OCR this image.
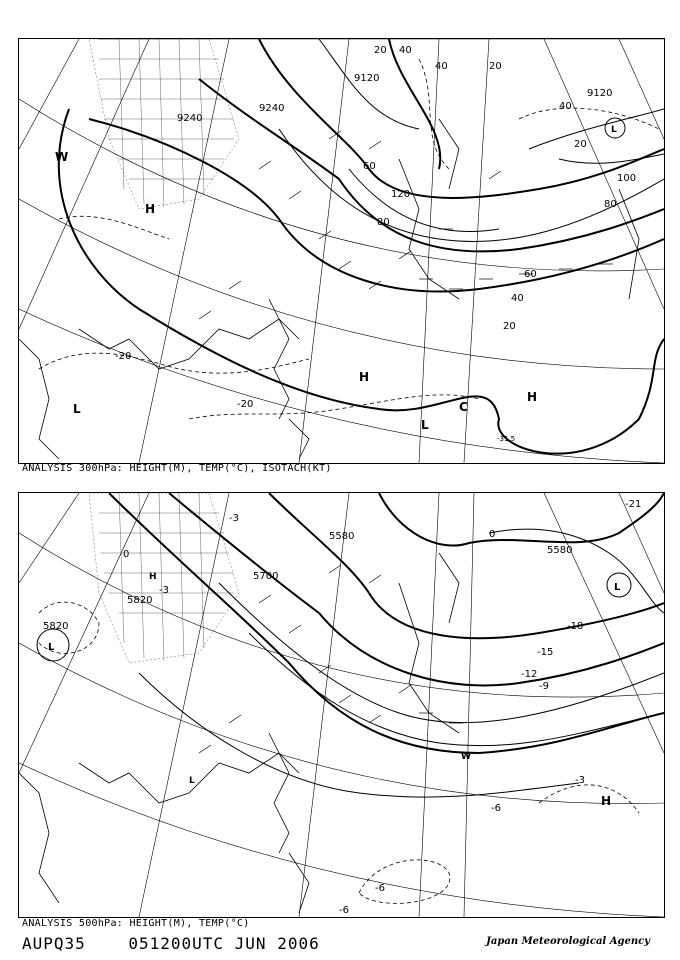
9120
9240
9240
9120
20 40
40	20
40
20
60
80
100
120
80
60
40
20
-20
-20
-31.5
W
H
L
H
L
C
H
L
ANALYSIS 300hPa: HEIGHT(M), TEMP(°C), ISOTACH(KT)
5580
5700
5820
5820
5580
-21
-18
-15
-12
-9
-6
-6
-6
-3
-3
-3
0
0
L
L
H
W
H
L
ANALYSIS 500hPa: HEIGHT(M), TEMP(°C)
AUPQ35    051200UTC JUN 2006	Japan Meteorological Agency
